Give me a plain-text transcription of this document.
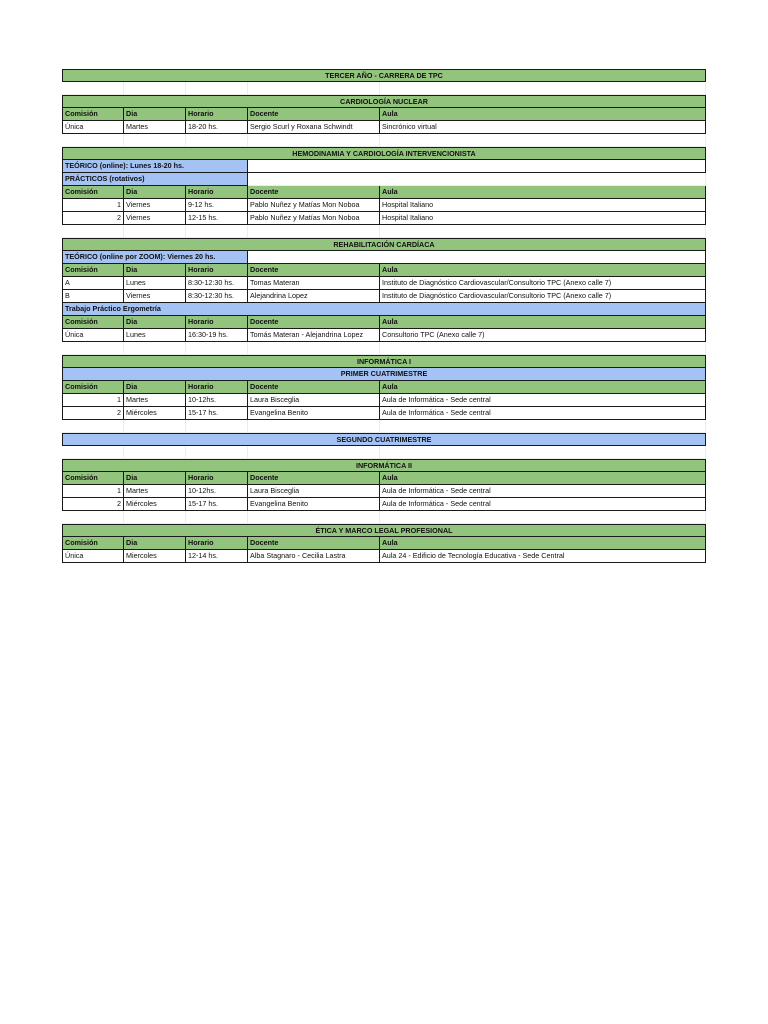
TERCER AÑO - CARRERA DE TPC
CARDIOLOGÍA NUCLEAR
Comisión	Dia	Horario	Docente	Aula
Única	Martes	18-20 hs.	Sergio Scurl y Roxana Schwindt	Sincrónico virtual
HEMODINAMIA Y CARDIOLOGÍA INTERVENCIONISTA
TEÓRICO (online): Lunes 18-20 hs.
PRÁCTICOS (rotativos)
Comisión	Dia	Horario	Docente	Aula
1 Viernes	9-12 hs.	Pablo Nuñez y Matías Mon Noboa	Hospital Italiano
2 Viernes	12-15 hs.	Pablo Nuñez y Matías Mon Noboa	Hospital Italiano
REHABILITACIÓN CARDÍACA
TEÓRICO (online por ZOOM): Viernes 20 hs.
Comisión	Dia	Horario	Docente	Aula
A	Lunes	8:30-12:30 hs.	Tomas Materan	Instituto de Diagnóstico Cardiovascular/Consultorio TPC (Anexo calle 7)
B	Viernes	8:30-12:30 hs.	Alejandrina Lopez	Instituto de Diagnóstico Cardiovascular/Consultorio TPC (Anexo calle 7)
Trabajo Práctico Ergometría
Comisión	Dia	Horario	Docente	Aula
Única	Lunes	16:30-19 hs.	Tomás Materan - Alejandrina Lopez	Consultorio TPC (Anexo calle 7)
INFORMÁTICA I
PRIMER CUATRIMESTRE
Comisión	Dia	Horario	Docente	Aula
1 Martes	10-12hs.	Laura Bisceglia	Aula de Informática - Sede central
2 Miércoles	15-17 hs.	Evangelina Benito	Aula de Informática - Sede central
SEGUNDO CUATRIMESTRE
INFORMÁTICA II
Comisión	Dia	Horario	Docente	Aula
1 Martes	10-12hs.	Laura Bisceglia	Aula de Informática - Sede central
2 Miércoles	15-17 hs.	Evangelina Benito	Aula de Informática - Sede central
ÉTICA Y MARCO LEGAL PROFESIONAL
Comisión	Dia	Horario	Docente	Aula
Única	Miercoles	12-14 hs.	Alba Stagnaro - Cecilia Lastra	Aula 24 - Edificio de Tecnología Educativa - Sede Central
